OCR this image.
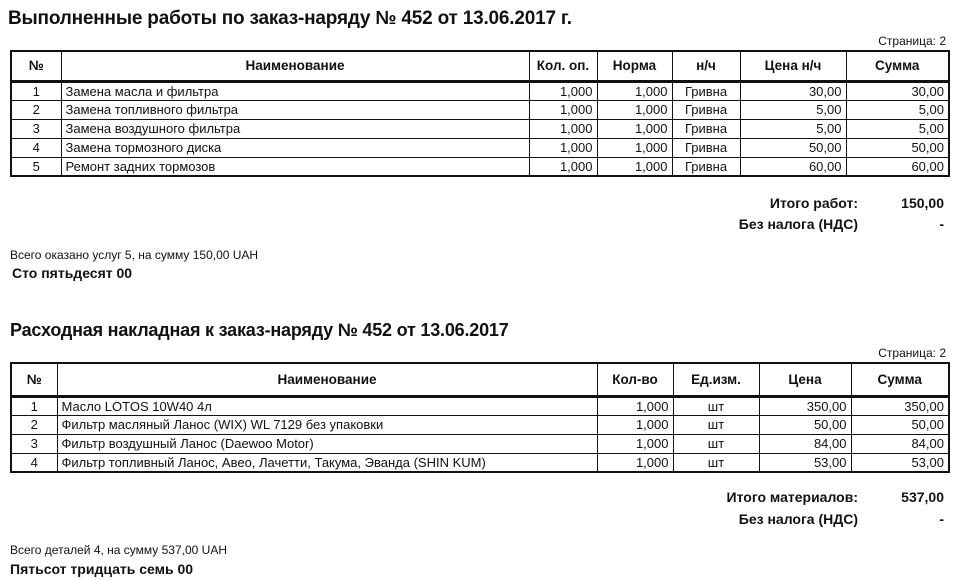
Выполненные работы по заказ-наряду № 452 от 13.06.2017 г.
Страница: 2
№	Наименование	Кол. оп.	Норма	н/ч	Цена н/ч	Сумма
1	Замена масла и фильтра	1,000	1,000	Гривна	30,00	30,00
2	Замена топливного фильтра	1,000	1,000	Гривна	5,00	5,00
3	Замена воздушного фильтра	1,000	1,000	Гривна	5,00	5,00
4	Замена тормозного диска	1,000	1,000	Гривна	50,00	50,00
5	Ремонт задних тормозов	1,000	1,000	Гривна	60,00	60,00
Итого работ:	150,00
Без налога (НДС)	-
Всего оказано услуг 5, на сумму 150,00 UAH
Сто пятьдесят 00
Расходная накладная к заказ-наряду № 452 от 13.06.2017
Страница: 2
№	Наименование	Кол-во	Ед.изм.	Цена	Сумма
1	Масло LOTOS 10W40 4л	1,000	шт	350,00	350,00
2	Фильтр масляный Ланос (WIX) WL 7129 без упаковки	1,000	шт	50,00	50,00
3	Фильтр воздушный Ланос (Daewoo Motor)	1,000	шт	84,00	84,00
4	Фильтр топливный Ланос, Авео, Лачетти, Такума, Эванда (SHIN KUM)	1,000	шт	53,00	53,00
Итого материалов:	537,00
Без налога (НДС)	-
Всего деталей 4, на сумму 537,00 UAH
Пятьсот тридцать семь 00
